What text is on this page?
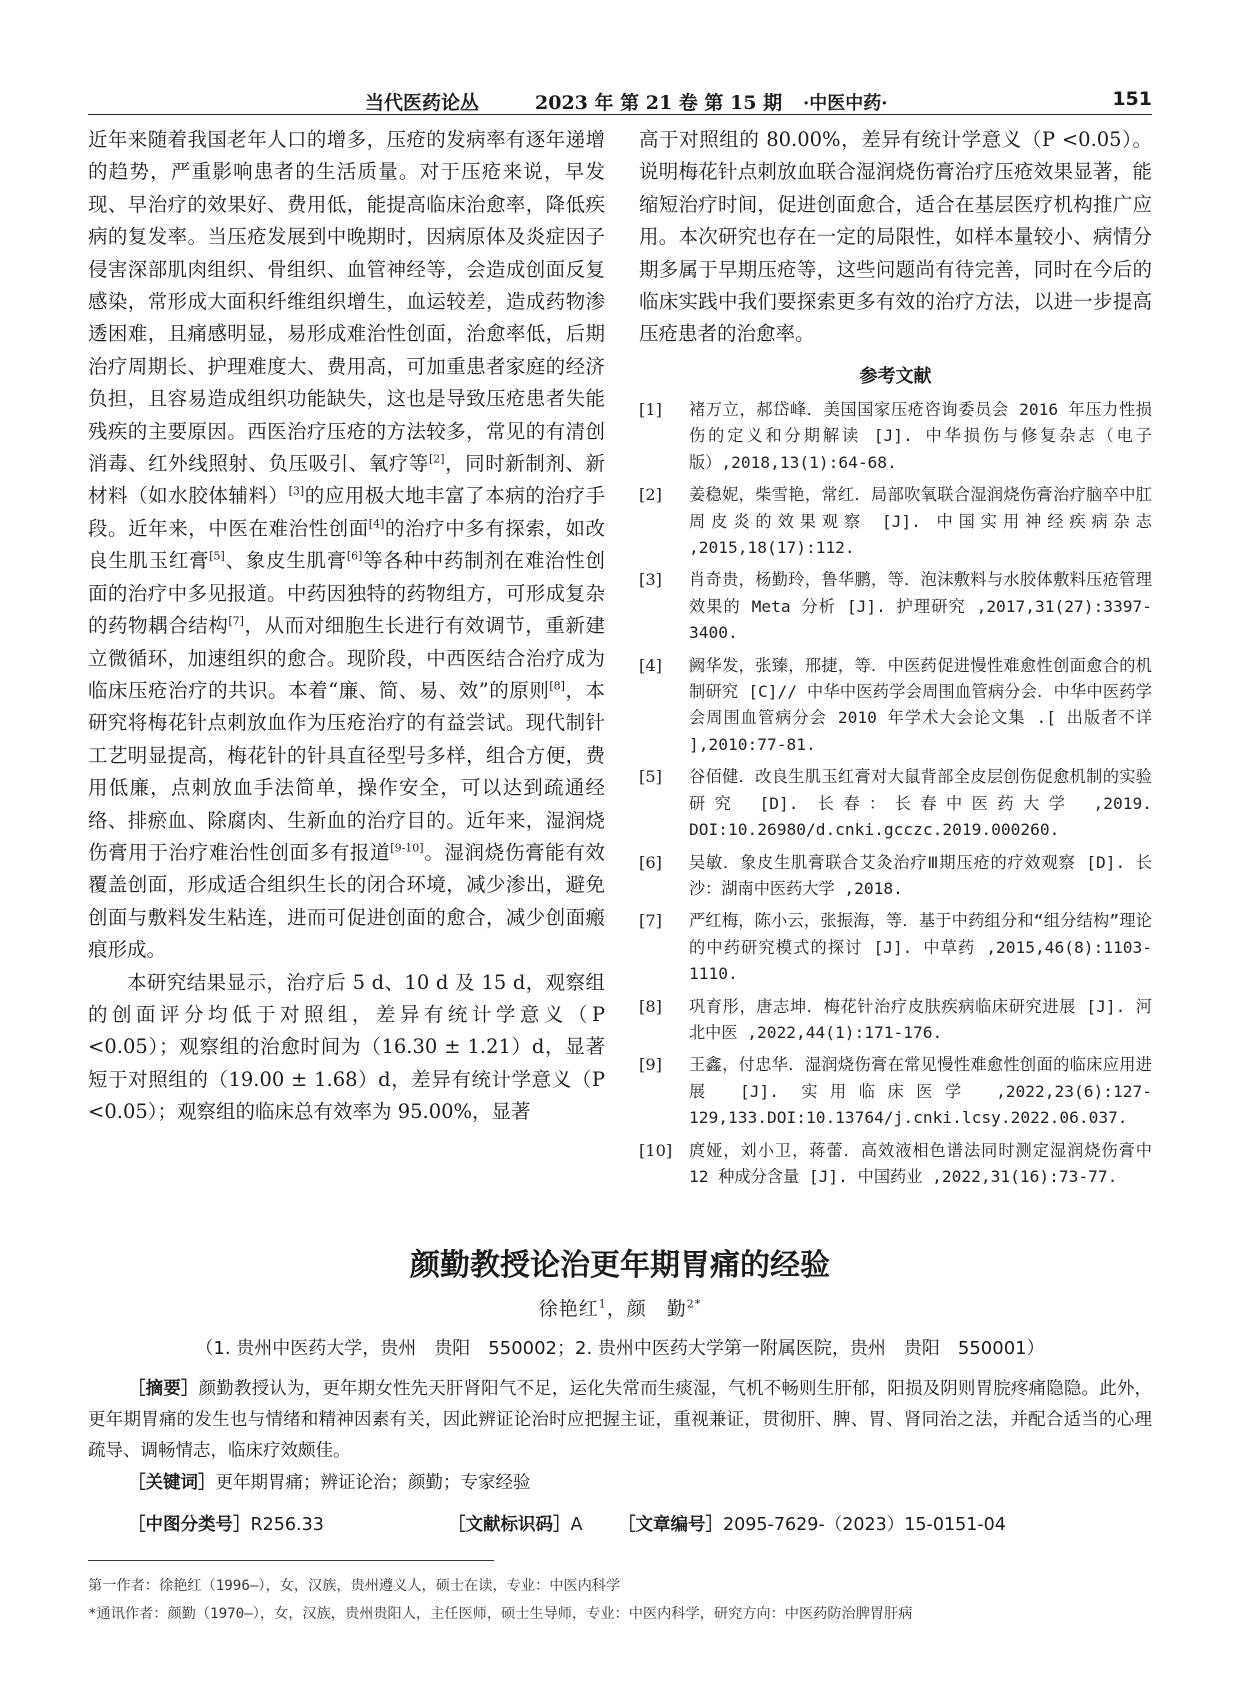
当代医药论丛	2023 年 第 21 卷 第 15 期 ·中医中药·	151

近年来随着我国老年人口的增多，压疮的发病率有逐年递增的趋势，严重影响患者的生活质量。对于压疮来说，早发现、早治疗的效果好、费用低，能提高临床治愈率，降低疾病的复发率。当压疮发展到中晚期时，因病原体及炎症因子侵害深部肌肉组织、骨组织、血管神经等，会造成创面反复感染，常形成大面积纤维组织增生，血运较差，造成药物渗透困难，且痛感明显，易形成难治性创面，治愈率低，后期治疗周期长、护理难度大、费用高，可加重患者家庭的经济负担，且容易造成组织功能缺失，这也是导致压疮患者失能残疾的主要原因。西医治疗压疮的方法较多，常见的有清创消毒、红外线照射、负压吸引、氧疗等[2]，同时新制剂、新材料（如水胶体辅料）[3]的应用极大地丰富了本病的治疗手段。近年来，中医在难治性创面[4]的治疗中多有探索，如改良生肌玉红膏[5]、象皮生肌膏[6]等各种中药制剂在难治性创面的治疗中多见报道。中药因独特的药物组方，可形成复杂的药物耦合结构[7]，从而对细胞生长进行有效调节，重新建立微循环，加速组织的愈合。现阶段，中西医结合治疗成为临床压疮治疗的共识。本着“廉、简、易、效”的原则[8]，本研究将梅花针点刺放血作为压疮治疗的有益尝试。现代制针工艺明显提高，梅花针的针具直径型号多样，组合方便，费用低廉，点刺放血手法简单，操作安全，可以达到疏通经络、排瘀血、除腐肉、生新血的治疗目的。近年来，湿润烧伤膏用于治疗难治性创面多有报道[9-10]。湿润烧伤膏能有效覆盖创面，形成适合组织生长的闭合环境，减少渗出，避免创面与敷料发生粘连，进而可促进创面的愈合，减少创面瘢痕形成。

本研究结果显示，治疗后 5 d、10 d 及 15 d，观察组的创面评分均低于对照组，差异有统计学意义（P <0.05）；观察组的治愈时间为（16.30 ± 1.21）d，显著短于对照组的（19.00 ± 1.68）d，差异有统计学意义（P <0.05）；观察组的临床总有效率为 95.00%，显著

高于对照组的 80.00%，差异有统计学意义（P <0.05）。说明梅花针点刺放血联合湿润烧伤膏治疗压疮效果显著，能缩短治疗时间，促进创面愈合，适合在基层医疗机构推广应用。本次研究也存在一定的局限性，如样本量较小、病情分期多属于早期压疮等，这些问题尚有待完善，同时在今后的临床实践中我们要探索更多有效的治疗方法，以进一步提高压疮患者的治愈率。

参考文献
[1] 褚万立，郝岱峰．美国国家压疮咨询委员会 2016 年压力性损伤的定义和分期解读 [J]. 中华损伤与修复杂志（电子版）,2018,13(1):64-68.
[2] 姜稳妮，柴雪艳，常红．局部吹氧联合湿润烧伤膏治疗脑卒中肛周皮炎的效果观察 [J]. 中国实用神经疾病杂志 ,2015,18(17):112.
[3] 肖奇贵，杨勤玲，鲁华鹏，等．泡沫敷料与水胶体敷料压疮管理效果的 Meta 分析 [J]. 护理研究 ,2017,31(27):3397-3400.
[4] 阙华发，张臻，邢捷，等．中医药促进慢性难愈性创面愈合的机制研究 [C]// 中华中医药学会周围血管病分会．中华中医药学会周围血管病分会 2010 年学术大会论文集 .[ 出版者不详 ],2010:77-81.
[5] 谷佰健．改良生肌玉红膏对大鼠背部全皮层创伤促愈机制的实验研究 [D]. 长春：长春中医药大学 ,2019. DOI:10.26980/d.cnki.gcczc.2019.000260.
[6] 吴敏．象皮生肌膏联合艾灸治疗Ⅲ期压疮的疗效观察 [D]. 长沙：湖南中医药大学 ,2018.
[7] 严红梅，陈小云，张振海，等．基于中药组分和“组分结构”理论的中药研究模式的探讨 [J]. 中草药 ,2015,46(8):1103-1110.
[8] 巩育彤，唐志坤．梅花针治疗皮肤疾病临床研究进展 [J]. 河北中医 ,2022,44(1):171-176.
[9] 王鑫，付忠华．湿润烧伤膏在常见慢性难愈性创面的临床应用进展 [J]. 实用临床医学 ,2022,23(6):127-129,133.DOI:10.13764/j.cnki.lcsy.2022.06.037.
[10] 庹娅，刘小卫，蒋蕾．高效液相色谱法同时测定湿润烧伤膏中 12 种成分含量 [J]. 中国药业 ,2022,31(16):73-77.
颜勤教授论治更年期胃痛的经验
徐艳红$^1$，颜　勤$^{2*}$
（1. 贵州中医药大学，贵州　贵阳　550002；2. 贵州中医药大学第一附属医院，贵州　贵阳　550001）
［摘要］颜勤教授认为，更年期女性先天肝肾阳气不足，运化失常而生痰湿，气机不畅则生肝郁，阳损及阴则胃脘疼痛隐隐。此外，更年期胃痛的发生也与情绪和精神因素有关，因此辨证论治时应把握主证，重视兼证，贯彻肝、脾、胃、肾同治之法，并配合适当的心理疏导、调畅情志，临床疗效颇佳。
［关键词］更年期胃痛；辨证论治；颜勤；专家经验
［中图分类号］R256.33	［文献标识码］A ［文章编号］2095-7629-（2023）15-0151-04
第一作者：徐艳红（1996—），女，汉族，贵州遵义人，硕士在读，专业：中医内科学
*通讯作者：颜勤（1970—），女，汉族，贵州贵阳人，主任医师，硕士生导师，专业：中医内科学，研究方向：中医药防治脾胃肝病
